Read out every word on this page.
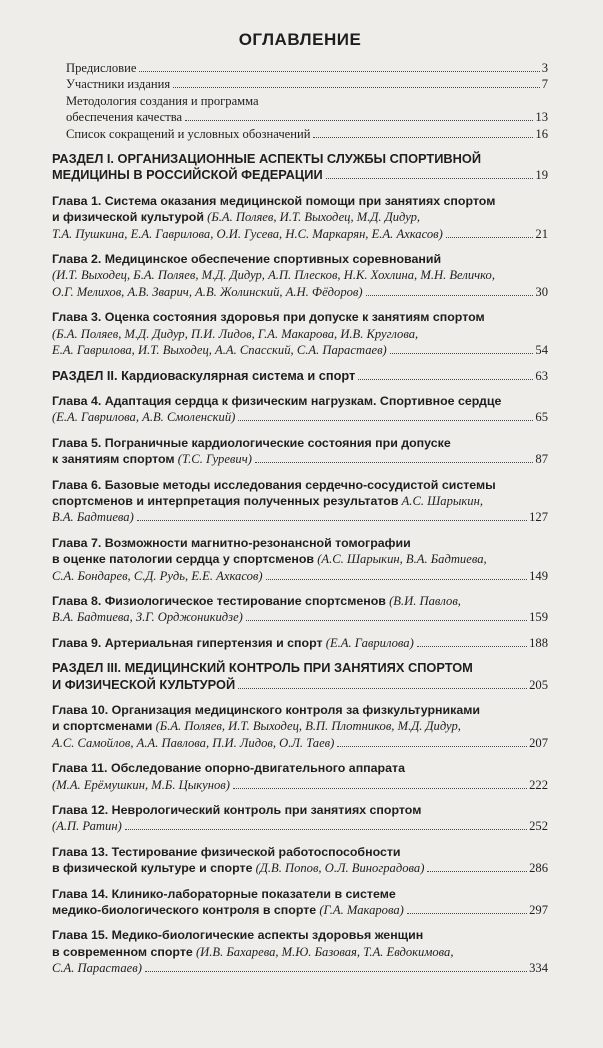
ОГЛАВЛЕНИЕ
Предисловие	3
Участники издания	7
Методология создания и программа
обеспечения качества	13
Список сокращений и условных обозначений	16
РАЗДЕЛ I. ОРГАНИЗАЦИОННЫЕ АСПЕКТЫ СЛУЖБЫ СПОРТИВНОЙ
МЕДИЦИНЫ В РОССИЙСКОЙ ФЕДЕРАЦИИ	19
Глава 1. Система оказания медицинской помощи при занятиях спортом
и физической культурой (Б.А. Поляев, И.Т. Выходец, М.Д. Дидур,
Т.А. Пушкина, Е.А. Гаврилова, О.И. Гусева, Н.С. Маркарян, Е.А. Ахкасов)	21
Глава 2. Медицинское обеспечение спортивных соревнований
(И.Т. Выходец, Б.А. Поляев, М.Д. Дидур, А.П. Плесков, Н.К. Хохлина, М.Н. Величко,
О.Г. Мелихов, А.В. Зварич, А.В. Жолинский, А.Н. Фёдоров)	30
Глава 3. Оценка состояния здоровья при допуске к занятиям спортом
(Б.А. Поляев, М.Д. Дидур, П.И. Лидов, Г.А. Макарова, И.В. Круглова,
Е.А. Гаврилова, И.Т. Выходец, А.А. Спасский, С.А. Парастаев)	54
РАЗДЕЛ II. Кардиоваскулярная система и спорт	63
Глава 4. Адаптация сердца к физическим нагрузкам. Спортивное сердце
(Е.А. Гаврилова, А.В. Смоленский)	65
Глава 5. Пограничные кардиологические состояния при допуске
к занятиям спортом
(Т.С. Гуревич)	87
Глава 6. Базовые методы исследования сердечно-сосудистой системы
спортсменов и интерпретация полученных результатов А.С. Шарыкин,
В.А. Бадтиева)	127
Глава 7. Возможности магнитно-резонансной томографии
в оценке патологии сердца у спортсменов (А.С. Шарыкин, В.А. Бадтиева,
С.А. Бондарев, С.Д. Рудь, Е.Е. Ахкасов)	149
Глава 8. Физиологическое тестирование спортсменов (В.И. Павлов,
В.А. Бадтиева, З.Г. Орджоникидзе)	159
Глава 9. Артериальная гипертензия и спорт
(Е.А. Гаврилова)	188
РАЗДЕЛ III. МЕДИЦИНСКИЙ КОНТРОЛЬ ПРИ ЗАНЯТИЯХ СПОРТОМ
И ФИЗИЧЕСКОЙ КУЛЬТУРОЙ	205
Глава 10. Организация медицинского контроля за физкультурниками
и спортсменами (Б.А. Поляев, И.Т. Выходец, В.П. Плотников, М.Д. Дидур,
А.С. Самойлов, А.А. Павлова, П.И. Лидов, О.Л. Таев)	207
Глава 11. Обследование опорно-двигательного аппарата
(М.А. Ерёмушкин, М.Б. Цыкунов)	222
Глава 12. Неврологический контроль при занятиях спортом
(А.П. Ратин)	252
Глава 13. Тестирование физической работоспособности
в физической культуре и спорте
(Д.В. Попов, О.Л. Виноградова)	286
Глава 14. Клинико-лабораторные показатели в системе
медико-биологического контроля в спорте
(Г.А. Макарова)	297
Глава 15. Медико-биологические аспекты здоровья женщин
в современном спорте (И.В. Бахарева, М.Ю. Базовая, Т.А. Евдокимова,
С.А. Парастаев)	334
